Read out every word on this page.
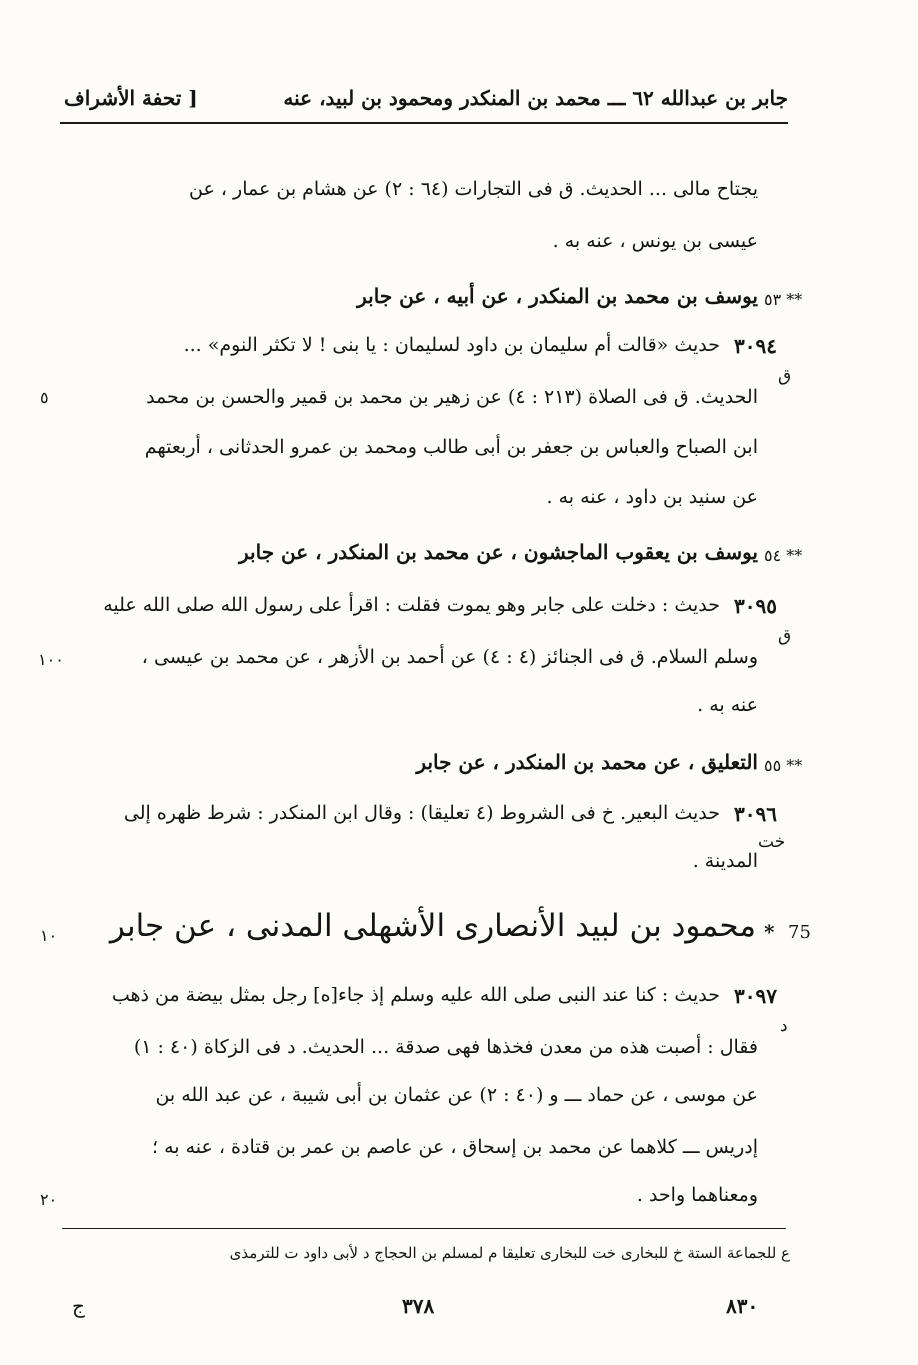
جابر بن عبدالله ٦٢ ـــ محمد بن المنكدر ومحمود بن لبيد، عنه
[ تحفة الأشراف
يجتاح مالى ... الحديث. ق فى التجارات (٦٤ : ٢) عن هشام بن عمار ، عن
عيسى بن يونس ، عنه به .
٥٣ **
يوسف بن محمد بن المنكدر ، عن أبيه ، عن جابر
٣٠٩٤
حديث «قالت أم سليمان بن داود لسليمان : يا بنى ! لا تكثر النوم» ...
ق
الحديث. ق فى الصلاة (٢١٣ : ٤) عن زهير بن محمد بن قمير والحسن بن محمد
٥
ابن الصباح والعباس بن جعفر بن أبى طالب ومحمد بن عمرو الحدثانى ، أربعتهم
عن سنيد بن داود ، عنه به .
٥٤ **
يوسف بن يعقوب الماجشون ، عن محمد بن المنكدر ، عن جابر
٣٠٩٥
حديث : دخلت على جابر وهو يموت فقلت : اقرأ على رسول الله صلى الله عليه
ق
وسلم السلام. ق فى الجنائز (٤ : ٤) عن أحمد بن الأزهر ، عن محمد بن عيسى ،
١٠٠
عنه به .
٥٥ **
التعليق ، عن محمد بن المنكدر ، عن جابر
٣٠٩٦
حديث البعير. خ فى الشروط (٤ تعليقا) : وقال ابن المنكدر : شرط ظهره إلى
خت
المدينة .
75
*
محمود بن لبيد الأنصارى الأشهلى المدنى ، عن جابر
١٠
٣٠٩٧
حديث : كنا عند النبى صلى الله عليه وسلم إذ جاء[ه] رجل بمثل بيضة من ذهب
د
فقال : أصبت هذه من معدن فخذها فهى صدقة ... الحديث. د فى الزكاة (٤٠ : ١)
عن موسى ، عن حماد ـــ و (٤٠ : ٢) عن عثمان بن أبى شيبة ، عن عبد الله بن
إدريس ـــ كلاهما عن محمد بن إسحاق ، عن عاصم بن عمر بن قتادة ، عنه به ؛
ومعناهما واحد .
٢٠
ع للجماعة الستة خ للبخارى خت للبخارى تعليقا م لمسلم بن الحجاج د لأبى داود ت للترمذى
ج	٣٧٨	٨٣٠
